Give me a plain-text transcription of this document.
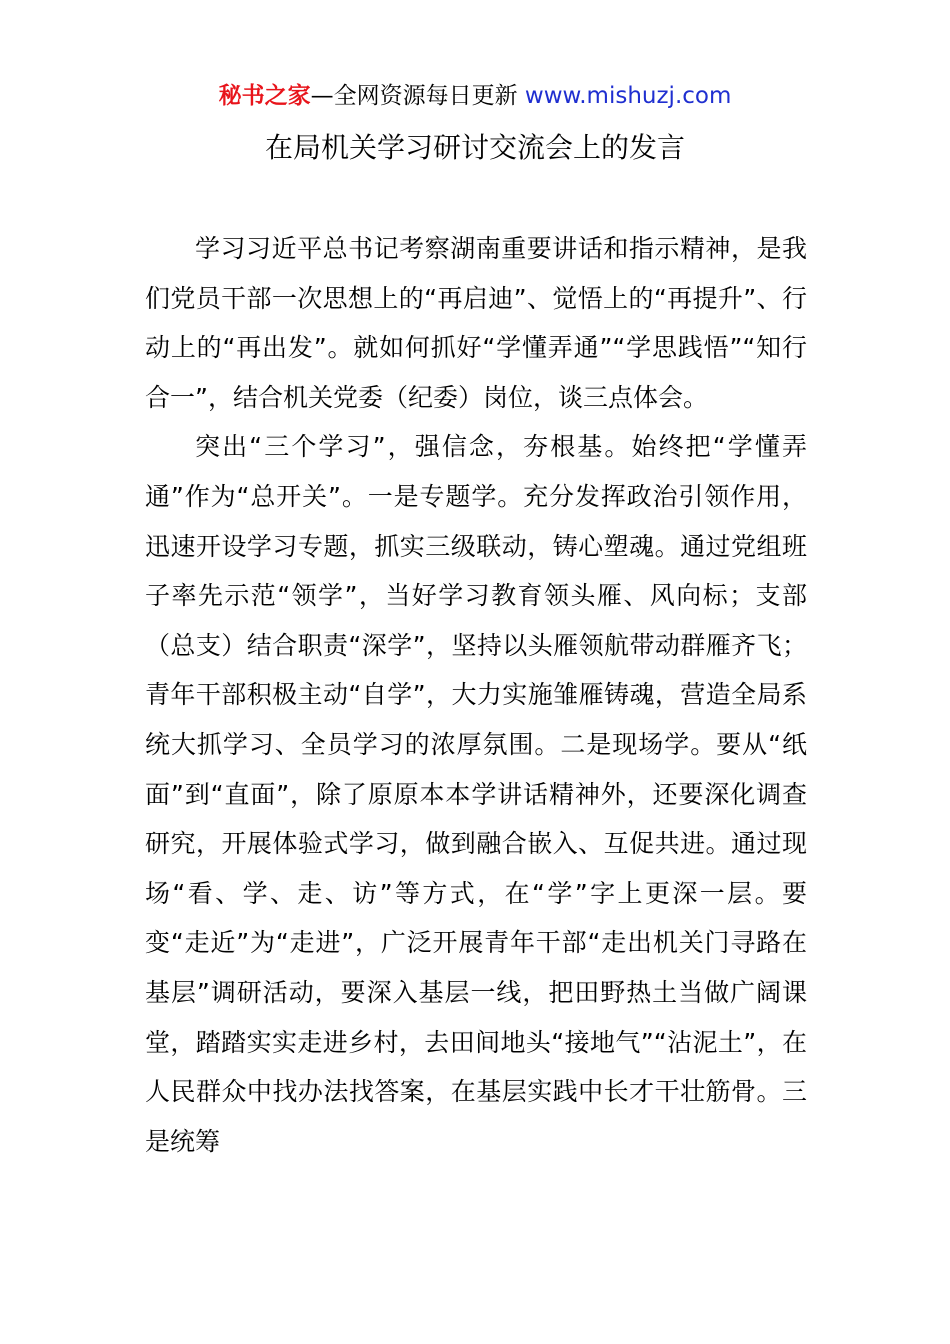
秘书之家—全网资源每日更新 www.mishuzj.com
在局机关学习研讨交流会上的发言

学习习近平总书记考察湖南重要讲话和指示精神，是我们党员干部一次思想上的“再启迪”、觉悟上的“再提升”、行动上的“再出发”。就如何抓好“学懂弄通”“学思践悟”“知行合一”，结合机关党委（纪委）岗位，谈三点体会。

突出“三个学习”，强信念，夯根基。始终把“学懂弄通”作为“总开关”。一是专题学。充分发挥政治引领作用，迅速开设学习专题，抓实三级联动，铸心塑魂。通过党组班子率先示范“领学”，当好学习教育领头雁、风向标；支部（总支）结合职责“深学”，坚持以头雁领航带动群雁齐飞；青年干部积极主动“自学”，大力实施雏雁铸魂，营造全局系统大抓学习、全员学习的浓厚氛围。二是现场学。要从“纸面”到“直面”，除了原原本本学讲话精神外，还要深化调查研究，开展体验式学习，做到融合嵌入、互促共进。通过现场“看、学、走、访”等方式，在“学”字上更深一层。要变“走近”为“走进”，广泛开展青年干部“走出机关门寻路在基层”调研活动，要深入基层一线，把田野热土当做广阔课堂，踏踏实实走进乡村，去田间地头“接地气”“沾泥土”，在人民群众中找办法找答案，在基层实践中长才干壮筋骨。三是统筹
